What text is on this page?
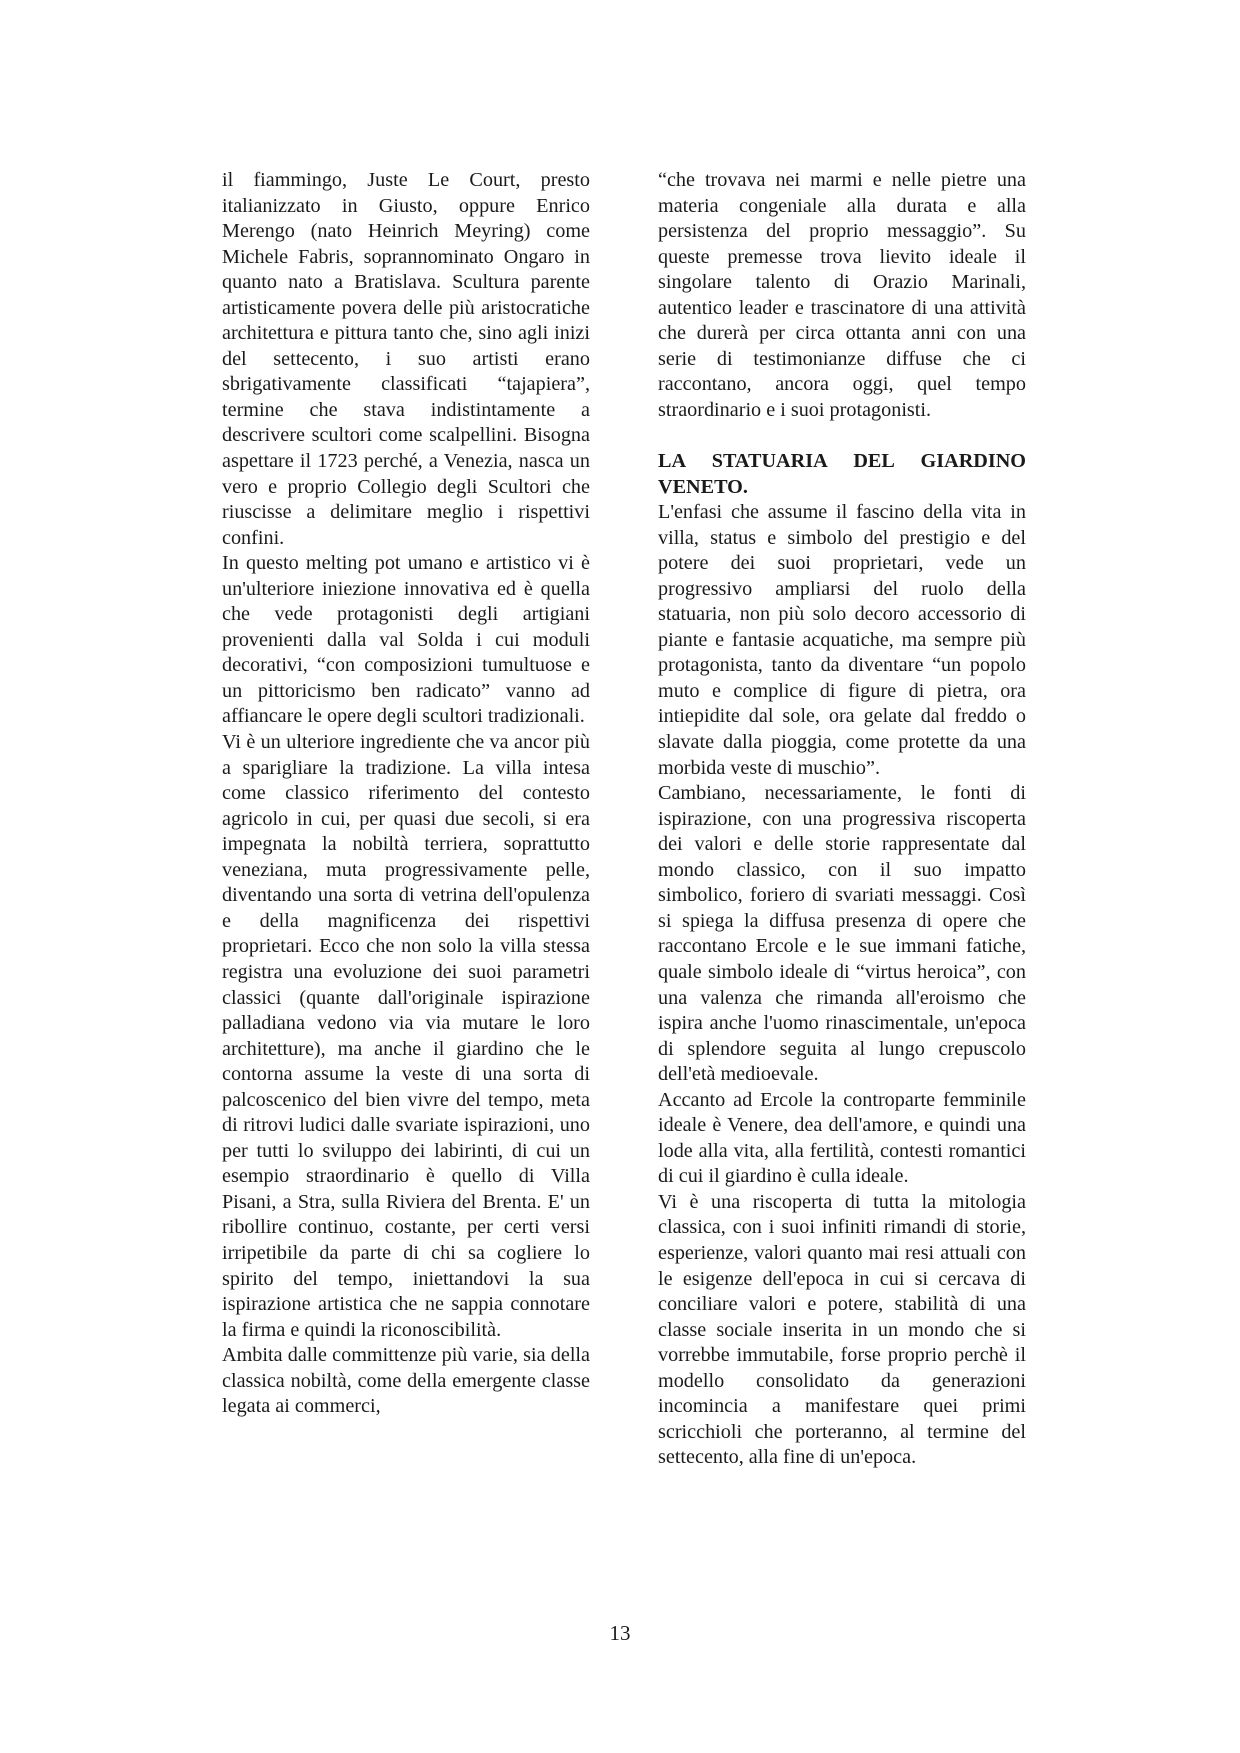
il fiammingo, Juste Le Court, presto italianizzato in Giusto, oppure Enrico Merengo (nato Heinrich Meyring) come Michele Fabris, soprannominato Ongaro in quanto nato a Bratislava. Scultura parente artisticamente povera delle più aristocratiche architettura e pittura tanto che, sino agli inizi del settecento, i suo artisti erano sbrigativamente classificati “tajapiera”, termine che stava indistintamente a descrivere scultori come scalpellini. Bisogna aspettare il 1723 perché, a Venezia, nasca un vero e proprio Collegio degli Scultori che riuscisse a delimitare meglio i rispettivi confini.

In questo melting pot umano e artistico vi è un'ulteriore iniezione innovativa ed è quella che vede protagonisti degli artigiani provenienti dalla val Solda i cui moduli decorativi, “con composizioni tumultuose e un pittoricismo ben radicato” vanno ad affiancare le opere degli scultori tradizionali.

Vi è un ulteriore ingrediente che va ancor più a sparigliare la tradizione. La villa intesa come classico riferimento del contesto agricolo in cui, per quasi due secoli, si era impegnata la nobiltà terriera, soprattutto veneziana, muta progressivamente pelle, diventando una sorta di vetrina dell'opulenza e della magnificenza dei rispettivi proprietari. Ecco che non solo la villa stessa registra una evoluzione dei suoi parametri classici (quante dall'originale ispirazione palladiana vedono via via mutare le loro architetture), ma anche il giardino che le contorna assume la veste di una sorta di palcoscenico del bien vivre del tempo, meta di ritrovi ludici dalle svariate ispirazioni, uno per tutti lo sviluppo dei labirinti, di cui un esempio straordinario è quello di Villa Pisani, a Stra, sulla Riviera del Brenta. E' un ribollire continuo, costante, per certi versi irripetibile da parte di chi sa cogliere lo spirito del tempo, iniettandovi la sua ispirazione artistica che ne sappia connotare la firma e quindi la riconoscibilità.

Ambita dalle committenze più varie, sia della classica nobiltà, come della emergente classe legata ai commerci,

“che trovava nei marmi e nelle pietre una materia congeniale alla durata e alla persistenza del proprio messaggio”. Su queste premesse trova lievito ideale il singolare talento di Orazio Marinali, autentico leader e trascinatore di una attività che durerà per circa ottanta anni con una serie di testimonianze diffuse che ci raccontano, ancora oggi, quel tempo straordinario e i suoi protagonisti.

LA STATUARIA DEL GIARDINO VENETO.

L'enfasi che assume il fascino della vita in villa, status e simbolo del prestigio e del potere dei suoi proprietari, vede un progressivo ampliarsi del ruolo della statuaria, non più solo decoro accessorio di piante e fantasie acquatiche, ma sempre più protagonista, tanto da diventare “un popolo muto e complice di figure di pietra, ora intiepidite dal sole, ora gelate dal freddo o slavate dalla pioggia, come protette da una morbida veste di muschio”.

Cambiano, necessariamente, le fonti di ispirazione, con una progressiva riscoperta dei valori e delle storie rappresentate dal mondo classico, con il suo impatto simbolico, foriero di svariati messaggi. Così si spiega la diffusa presenza di opere che raccontano Ercole e le sue immani fatiche, quale simbolo ideale di “virtus heroica”, con una valenza che rimanda all'eroismo che ispira anche l'uomo rinascimentale, un'epoca di splendore seguita al lungo crepuscolo dell'età medioevale.

Accanto ad Ercole la controparte femminile ideale è Venere, dea dell'amore, e quindi una lode alla vita, alla fertilità, contesti romantici di cui il giardino è culla ideale.

Vi è una riscoperta di tutta la mitologia classica, con i suoi infiniti rimandi di storie, esperienze, valori quanto mai resi attuali con le esigenze dell'epoca in cui si cercava di conciliare valori e potere, stabilità di una classe sociale inserita in un mondo che si vorrebbe immutabile, forse proprio perchè il modello consolidato da generazioni incomincia a manifestare quei primi scricchioli che porteranno, al termine del settecento, alla fine di un'epoca.

13
